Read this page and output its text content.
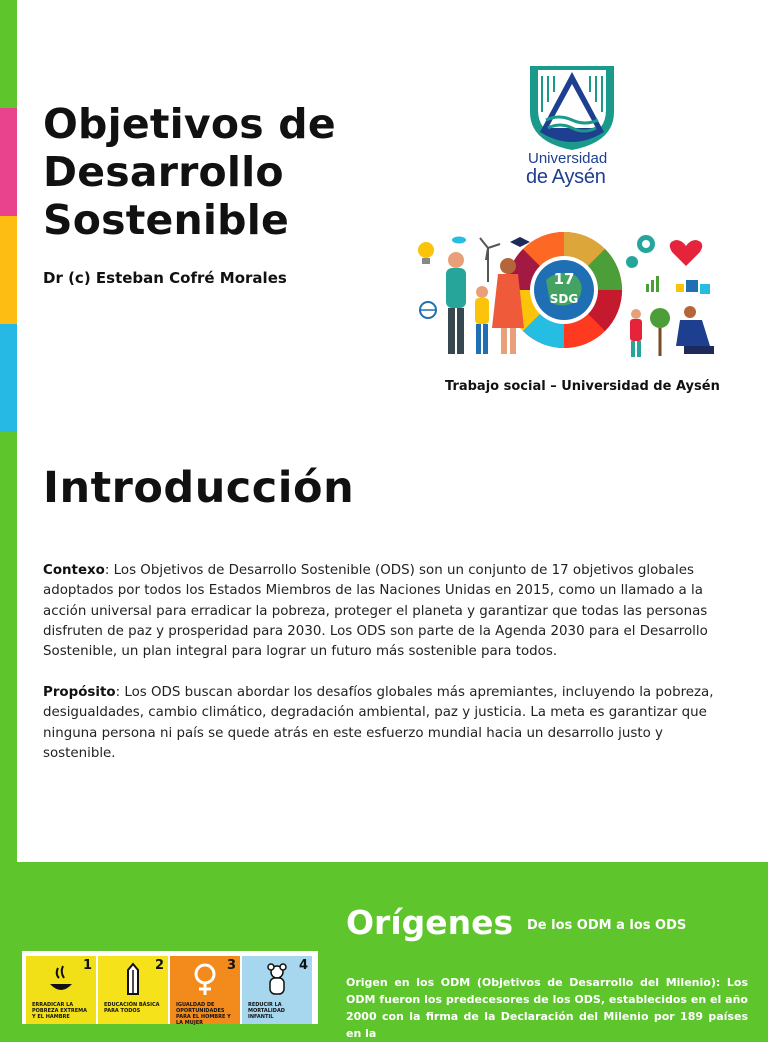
Objetivos de Desarrollo Sostenible
Dr (c) Esteban Cofré Morales
Universidad
de Aysén
17
SDG
Trabajo social – Universidad de Aysén
Introducción

Contexo: Los Objetivos de Desarrollo Sostenible (ODS) son un conjunto de 17 objetivos globales adoptados por todos los Estados Miembros de las Naciones Unidas en 2015, como un llamado a la acción universal para erradicar la pobreza, proteger el planeta y garantizar que todas las personas disfruten de paz y prosperidad para 2030. Los ODS son parte de la Agenda 2030 para el Desarrollo Sostenible, un plan integral para lograr un futuro más sostenible para todos.

Propósito: Los ODS buscan abordar los desafíos globales más apremiantes, incluyendo la pobreza, desigualdades, cambio climático, degradación ambiental, paz y justicia. La meta es garantizar que ninguna persona ni país se quede atrás en este esfuerzo mundial hacia un desarrollo justo y sostenible.

Orígenes De los ODM a los ODS

Origen en los ODM (Objetivos de Desarrollo del Milenio): Los ODM fueron los predecesores de los ODS, establecidos en el año 2000 con la firma de la Declaración del Milenio por 189 países en la

1
ERRADICAR LA POBREZA EXTREMA Y EL HAMBRE
2
EDUCACIÓN BÁSICA PARA TODOS
3
IGUALDAD DE OPORTUNIDADES PARA EL HOMBRE Y LA MUJER
4
REDUCIR LA MORTALIDAD INFANTIL
